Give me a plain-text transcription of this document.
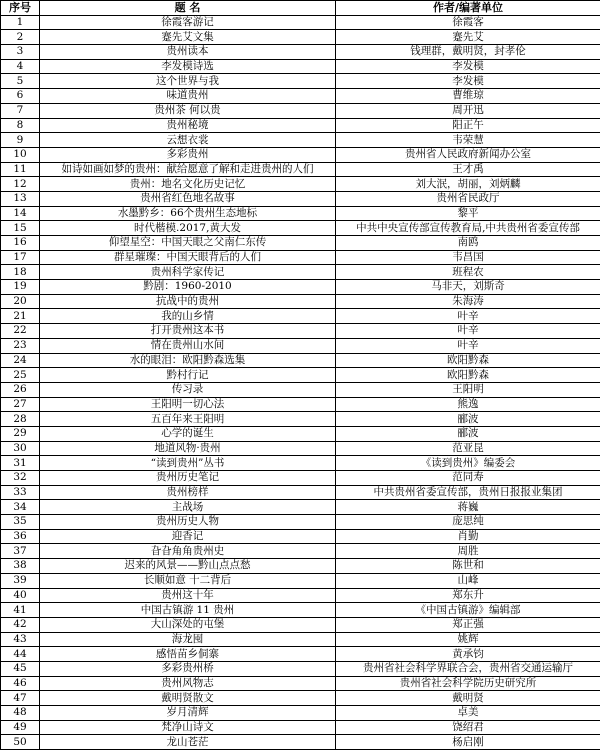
序号	题 名	作者/编著单位
1	徐霞客游记	徐霞客
2	蹇先艾文集	蹇先艾
3	贵州读本	钱理群，戴明贤，封孝伦
4	李发模诗选	李发模
5	这个世界与我	李发模
6	味道贵州	曹维琼
7	贵州茶 何以贵	周开迅
8	贵州秘境	阳正午
9	云想衣裳	韦荣慧
10	多彩贵州	贵州省人民政府新闻办公室
11	如诗如画如梦的贵州：献给愿意了解和走进贵州的人们	王才禹
12	贵州：地名文化历史记忆	刘大泯，胡丽，刘炳麟
13	贵州省红色地名故事	贵州省民政厅
14	水墨黔乡：66个贵州生态地标	黎平
15	时代楷模.2017,黄大发	中共中央宣传部宣传教育局,中共贵州省委宣传部
16	仰望星空：中国天眼之父南仁东传	南鸥
17	群星璀璨：中国天眼背后的人们	韦昌国
18	贵州科学家传记	班程农
19	黔剧：1960-2010	马非天，刘斯奇
20	抗战中的贵州	朱海涛
21	我的山乡情	叶辛
22	打开贵州这本书	叶辛
23	情在贵州山水间	叶辛
24	水的眼泪：欧阳黔森选集	欧阳黔森
25	黔村行记	欧阳黔森
26	传习录	王阳明
27	王阳明一切心法	熊逸
28	五百年来王阳明	郦波
29	心学的诞生	郦波
30	地道风物·贵州	范亚昆
31	“读到贵州”丛书	《读到贵州》编委会
32	贵州历史笔记	范同寿
33	贵州榜样	中共贵州省委宣传部，贵州日报报业集团
34	主战场	蒋巍
35	贵州历史人物	庞思纯
36	迎香记	肖勤
37	旮旮角角贵州史	周胜
38	迟来的风景——黔山点点愁	陈世和
39	长顺如意 十二背后	山峰
40	贵州这十年	郑东升
41	中国古镇游 11 贵州	《中国古镇游》编辑部
42	大山深处的屯堡	郑正强
43	海龙囤	姚辉
44	感悟苗乡侗寨	黄承钧
45	多彩贵州桥	贵州省社会科学界联合会，贵州省交通运输厅
46	贵州风物志	贵州省社会科学院历史研究所
47	戴明贤散文	戴明贤
48	岁月清辉	卓美
49	梵净山诗文	饶绍君
50	龙山苍茫	杨启刚
